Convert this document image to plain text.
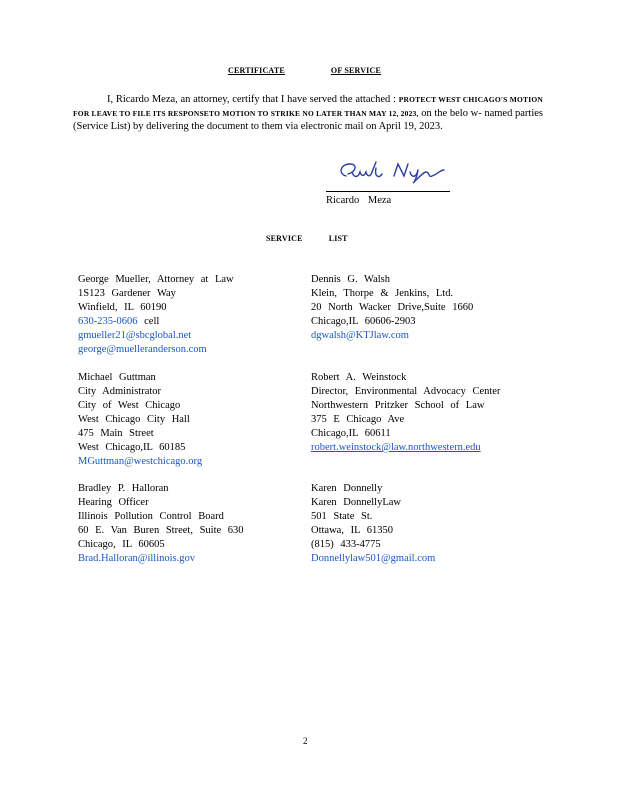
CERTIFICATE	OF SERVICE
I, Ricardo Meza, an attorney, certify that I have served the attached : PROTECT WEST CHICAGO'S MOTION FOR LEAVE TO FILE ITS RESPONSETO MOTION TO STRIKE NO LATER THAN MAY 12, 2023, on the belo w- named parties (Service List) by delivering the document to them via electronic mail on April 19, 2023.
Ricardo Meza
SERVICE	LIST
George Mueller, Attorney at Law
1S123 Gardener Way
Winfield, IL 60190
630-235-0606 cell
gmueller21@sbcglobal.net
george@muelleranderson.com
Dennis G. Walsh
Klein, Thorpe & Jenkins, Ltd.
20 North Wacker Drive,Suite 1660
Chicago,IL 60606-2903
dgwalsh@KTJlaw.com
Michael Guttman
City Administrator
City of West Chicago
West Chicago City Hall
475 Main Street
West Chicago,IL 60185
MGuttman@westchicago.org
Robert A. Weinstock
Director, Environmental Advocacy Center
Northwestern Pritzker School of Law
375 E Chicago Ave
Chicago,IL 60611
robert.weinstock@law.northwestern.edu
Bradley P. Halloran
Hearing Officer
Illinois Pollution Control Board
60 E. Van Buren Street, Suite 630
Chicago, IL 60605
Brad.Halloran@illinois.gov
Karen Donnelly
Karen DonnellyLaw
501 State St.
Ottawa, IL 61350
(815) 433-4775
Donnellylaw501@gmail.com
2
